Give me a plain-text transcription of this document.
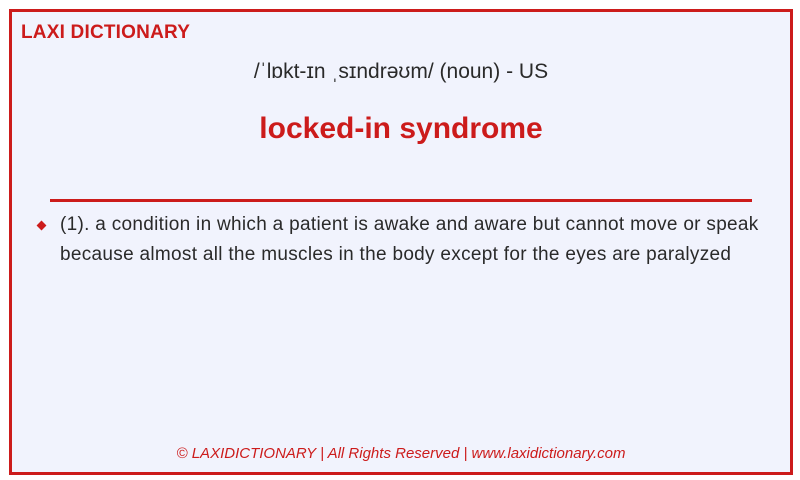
LAXI DICTIONARY
/ˈlɒkt-ɪn ˌsɪndrəʊm/ (noun) - US
locked-in syndrome
(1). a condition in which a patient is awake and aware but cannot move or speak because almost all the muscles in the body except for the eyes are paralyzed
© LAXIDICTIONARY | All Rights Reserved | www.laxidictionary.com
